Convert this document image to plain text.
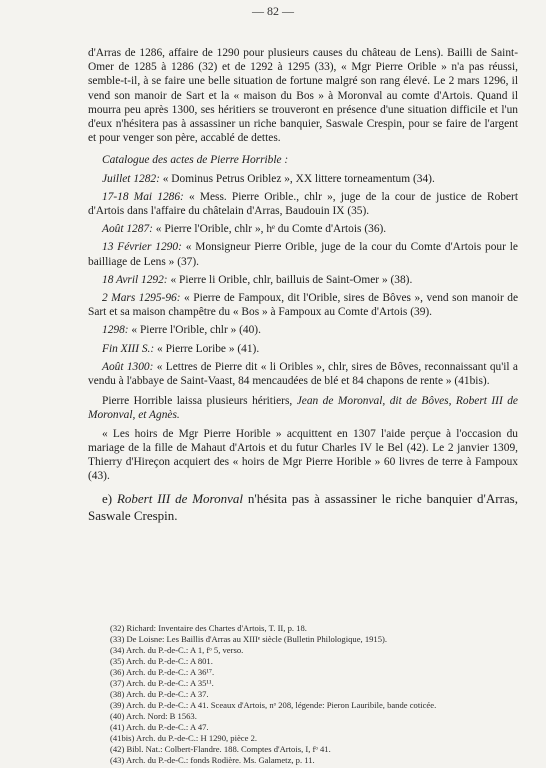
— 82 —

d'Arras de 1286, affaire de 1290 pour plusieurs causes du château de Lens). Bailli de Saint-Omer de 1285 à 1286 (32) et de 1292 à 1295 (33), « Mgr Pierre Orible » n'a pas réussi, semble-t-il, à se faire une belle situation de fortune malgré son rang élevé. Le 2 mars 1296, il vend son manoir de Sart et la « maison du Bos » à Moronval au comte d'Artois. Quand il mourra peu après 1300, ses héritiers se trouveront en présence d'une situation difficile et l'un d'eux n'hésitera pas à assassiner un riche banquier, Saswale Crespin, pour se faire de l'argent et pour venger son père, accablé de dettes.

Catalogue des actes de Pierre Horrible :

Juillet 1282: « Dominus Petrus Oriblez », XX littere torneamentum (34).

17-18 Mai 1286: « Mess. Pierre Orible., chlr », juge de la cour de justice de Robert d'Artois dans l'affaire du châtelain d'Arras, Baudouin IX (35).

Août 1287: « Pierre l'Orible, chlr », hᵉ du Comte d'Artois (36).

13 Février 1290: « Monsigneur Pierre Orible, juge de la cour du Comte d'Artois pour le bailliage de Lens » (37).

18 Avril 1292: « Pierre li Orible, chlr, bailluis de Saint-Omer » (38).

2 Mars 1295-96: « Pierre de Fampoux, dit l'Orible, sires de Bôves », vend son manoir de Sart et sa maison champêtre du « Bos » à Fampoux au Comte d'Artois (39).

1298: « Pierre l'Orible, chlr » (40).

Fin XIII S.: « Pierre Loribe » (41).

Août 1300: « Lettres de Pierre dit « li Oribles », chlr, sires de Bôves, reconnaissant qu'il a vendu à l'abbaye de Saint-Vaast, 84 mencaudées de blé et 84 chapons de rente » (41bis).

Pierre Horrible laissa plusieurs héritiers, Jean de Moronval, dit de Bôves, Robert III de Moronval, et Agnès.

« Les hoirs de Mgr Pierre Horible » acquittent en 1307 l'aide perçue à l'occasion du mariage de la fille de Mahaut d'Artois et du futur Charles IV le Bel (42). Le 2 janvier 1309, Thierry d'Hireçon acquiert des « hoirs de Mgr Pierre Horible » 60 livres de terre à Fampoux (43).

e) Robert III de Moronval n'hésita pas à assassiner le riche banquier d'Arras, Saswale Crespin.

(32) Richard: Inventaire des Chartes d'Artois, T. II, p. 18.

(33) De Loisne: Les Baillis d'Arras au XIIIᵉ siècle (Bulletin Philologique, 1915).

(34) Arch. du P.-de-C.: A 1, fᵒ 5, verso.

(35) Arch. du P.-de-C.: A 801.

(36) Arch. du P.-de-C.: A 36¹⁷.

(37) Arch. du P.-de-C.: A 35¹¹.

(38) Arch. du P.-de-C.: A 37.

(39) Arch. du P.-de-C.: A 41. Sceaux d'Artois, nᵒ 208, légende: Pieron Lauribile, bande coticée.

(40) Arch. Nord: B 1563.

(41) Arch. du P.-de-C.: A 47.

(41bis) Arch. du P.-de-C.: H 1290, pièce 2.

(42) Bibl. Nat.: Colbert-Flandre. 188. Comptes d'Artois, I, fᵒ 41.

(43) Arch. du P.-de-C.: fonds Rodière. Ms. Galametz, p. 11.
